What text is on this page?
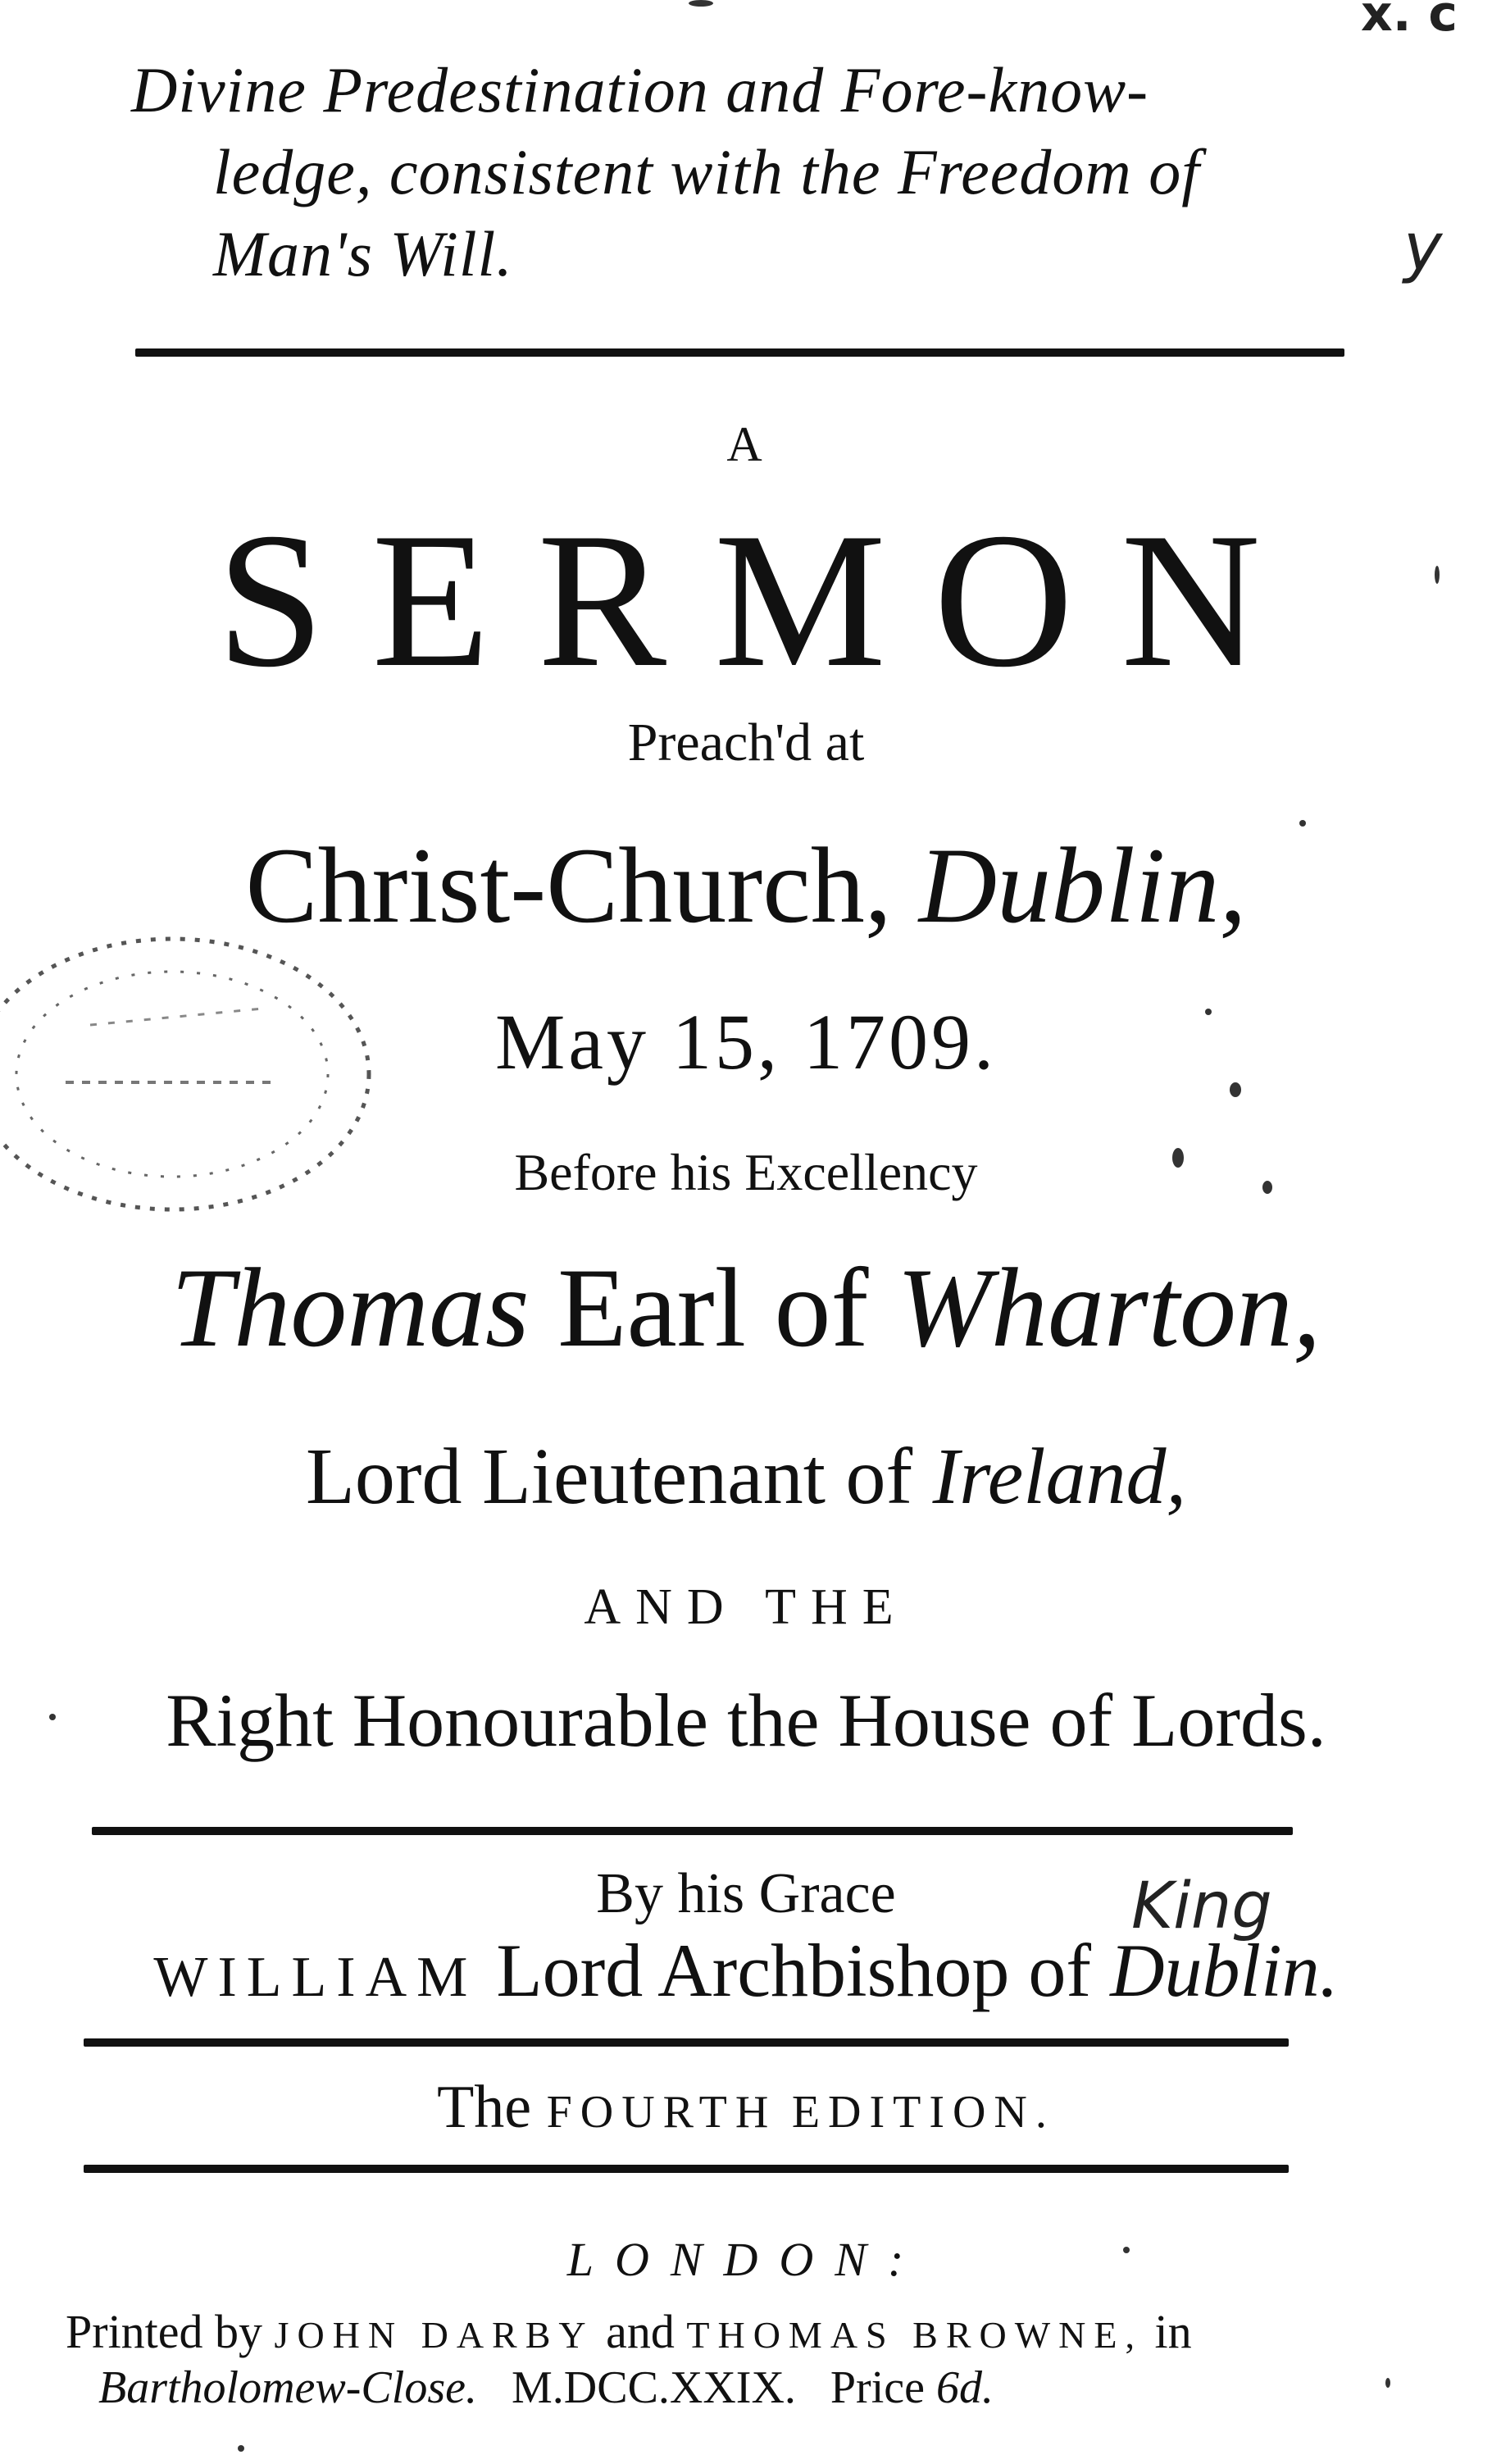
x. c
y
Divine Predestination and Fore-know-
ledge, consistent with the Freedom of
Man's Will.
A
SERMON
Preach'd at
Christ-Church, Dublin,
May 15, 1709.
Before his Excellency
Thomas Earl of Wharton,
Lord Lieutenant of Ireland,
AND THE
Right Honourable the House of Lords.
By his Grace	King
WILLIAM Lord Archbishop of Dublin.
The FOURTH EDITION.
LONDON:
Printed by JOHN DARBY and THOMAS BROWNE, in
Bartholomew-Close. M.DCC.XXIX. Price 6d.
